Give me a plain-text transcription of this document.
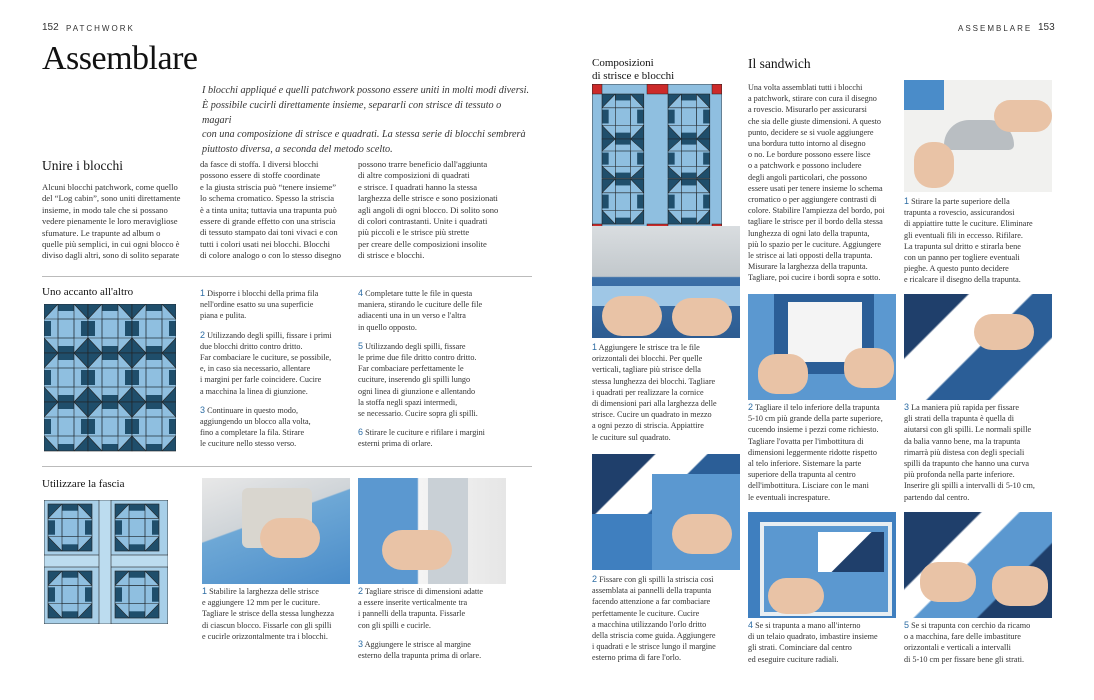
152 PATCHWORK	ASSEMBLARE 153
Assemblare
I blocchi appliqué e quelli patchwork possono essere uniti in molti modi diversi.
È possibile cucirli direttamente insieme, separarli con strisce di tessuto o magari
con una composizione di strisce e quadrati. La stessa serie di blocchi sembrerà
piuttosto diversa, a seconda del metodo scelto.
Unire i blocchi
Alcuni blocchi patchwork, come quello
del “Log cabin”, sono uniti direttamente
insieme, in modo tale che si possano
vedere pienamente le loro meravigliose
sfumature. Le trapunte ad album o
quelle più semplici, in cui ogni blocco è
diviso dagli altri, sono di solito separate
da fasce di stoffa. I diversi blocchi
possono essere di stoffe coordinate
e la giusta striscia può “tenere insieme”
lo schema cromatico. Spesso la striscia
è a tinta unita; tuttavia una trapunta può
essere di grande effetto con una striscia
di tessuto stampato dai toni vivaci e con
tutti i colori usati nei blocchi. Blocchi
di colore analogo o con lo stesso disegno
possono trarre beneficio dall'aggiunta
di altre composizioni di quadrati
e strisce. I quadrati hanno la stessa
larghezza delle strisce e sono posizionati
agli angoli di ogni blocco. Di solito sono
di colori contrastanti. Unite i quadrati
più piccoli e le strisce più strette
per creare delle composizioni insolite
di strisce e blocchi.
Uno accanto all'altro	1 Disporre i blocchi della prima fila
nell'ordine esatto su una superficie
piana e pulita.
2 Utilizzando degli spilli, fissare i primi
due blocchi dritto contro dritto.
Far combaciare le cuciture, se possibile,
e, in caso sia necessario, allentare
i margini per farle coincidere. Cucire
a macchina la linea di giunzione.
3 Continuare in questo modo,
aggiungendo un blocco alla volta,
fino a completare la fila. Stirare
le cuciture nello stesso verso.
4 Completare tutte le file in questa
maniera, stirando le cuciture delle file
adiacenti una in un verso e l'altra
in quello opposto.
5 Utilizzando degli spilli, fissare
le prime due file dritto contro dritto.
Far combaciare perfettamente le
cuciture, inserendo gli spilli lungo
ogni linea di giunzione e allentando
la stoffa negli spazi intermedi,
se necessario. Cucire sopra gli spilli.
6 Stirare le cuciture e rifilare i margini
esterni prima di orlare.
Utilizzare la fascia
1 Stabilire la larghezza delle strisce
e aggiungere 12 mm per le cuciture.
Tagliare le strisce della stessa lunghezza
di ciascun blocco. Fissarle con gli spilli
e cucirle orizzontalmente tra i blocchi.
2 Tagliare strisce di dimensioni adatte
a essere inserite verticalmente tra
i pannelli della trapunta. Fissarle
con gli spilli e cucirle.
3 Aggiungere le strisce al margine
esterno della trapunta prima di orlare.
Composizioni
di strisce e blocchi
1 Aggiungere le strisce tra le file
orizzontali dei blocchi. Per quelle
verticali, tagliare più strisce della
stessa lunghezza dei blocchi. Tagliare
i quadrati per realizzare la cornice
di dimensioni pari alla larghezza delle
strisce. Cucire un quadrato in mezzo
a ogni pezzo di striscia. Appiattire
le cuciture sul quadrato.
2 Fissare con gli spilli la striscia così
assemblata ai pannelli della trapunta
facendo attenzione a far combaciare
perfettamente le cuciture. Cucire
a macchina utilizzando l'orlo dritto
della striscia come guida. Aggiungere
i quadrati e le strisce lungo il margine
esterno prima di fare l'orlo.
Il sandwich
Una volta assemblati tutti i blocchi
a patchwork, stirare con cura il disegno
a rovescio. Misurarlo per assicurarsi
che sia delle giuste dimensioni. A questo
punto, decidere se si vuole aggiungere
una bordura tutto intorno al disegno
o no. Le bordure possono essere lisce
o a patchwork e possono includere
degli angoli particolari, che possono
essere usati per tenere insieme lo schema
cromatico o per aggiungere contrasti di
colore. Stabilire l'ampiezza del bordo, poi
tagliare le strisce per il bordo della stessa
lunghezza di ogni lato della trapunta,
più lo spazio per le cuciture. Aggiungere
le strisce ai lati opposti della trapunta.
Misurare la larghezza della trapunta.
Tagliare, poi cucire i bordi sopra e sotto.
1 Stirare la parte superiore della
trapunta a rovescio, assicurandosi
di appiattire tutte le cuciture. Eliminare
gli eventuali fili in eccesso. Rifilare.
La trapunta sul dritto e stirarla bene
con un panno per togliere eventuali
pieghe. A questo punto decidere
e ricalcare il disegno della trapunta.
2 Tagliare il telo inferiore della trapunta
5-10 cm più grande della parte superiore,
cucendo insieme i pezzi come richiesto.
Tagliare l'ovatta per l'imbottitura di
dimensioni leggermente ridotte rispetto
al telo inferiore. Sistemare la parte
superiore della trapunta al centro
dell'imbottitura. Lisciare con le mani
le eventuali increspature.
3 La maniera più rapida per fissare
gli strati della trapunta è quella di
aiutarsi con gli spilli. Le normali spille
da balia vanno bene, ma la trapunta
rimarrà più distesa con degli speciali
spilli da trapunto che hanno una curva
più profonda nella parte inferiore.
Inserire gli spilli a intervalli di 5-10 cm,
partendo dal centro.
4 Se si trapunta a mano all'interno
di un telaio quadrato, imbastire insieme
gli strati. Cominciare dal centro
ed eseguire cuciture radiali.
5 Se si trapunta con cerchio da ricamo
o a macchina, fare delle imbastiture
orizzontali e verticali a intervalli
di 5-10 cm per fissare bene gli strati.
